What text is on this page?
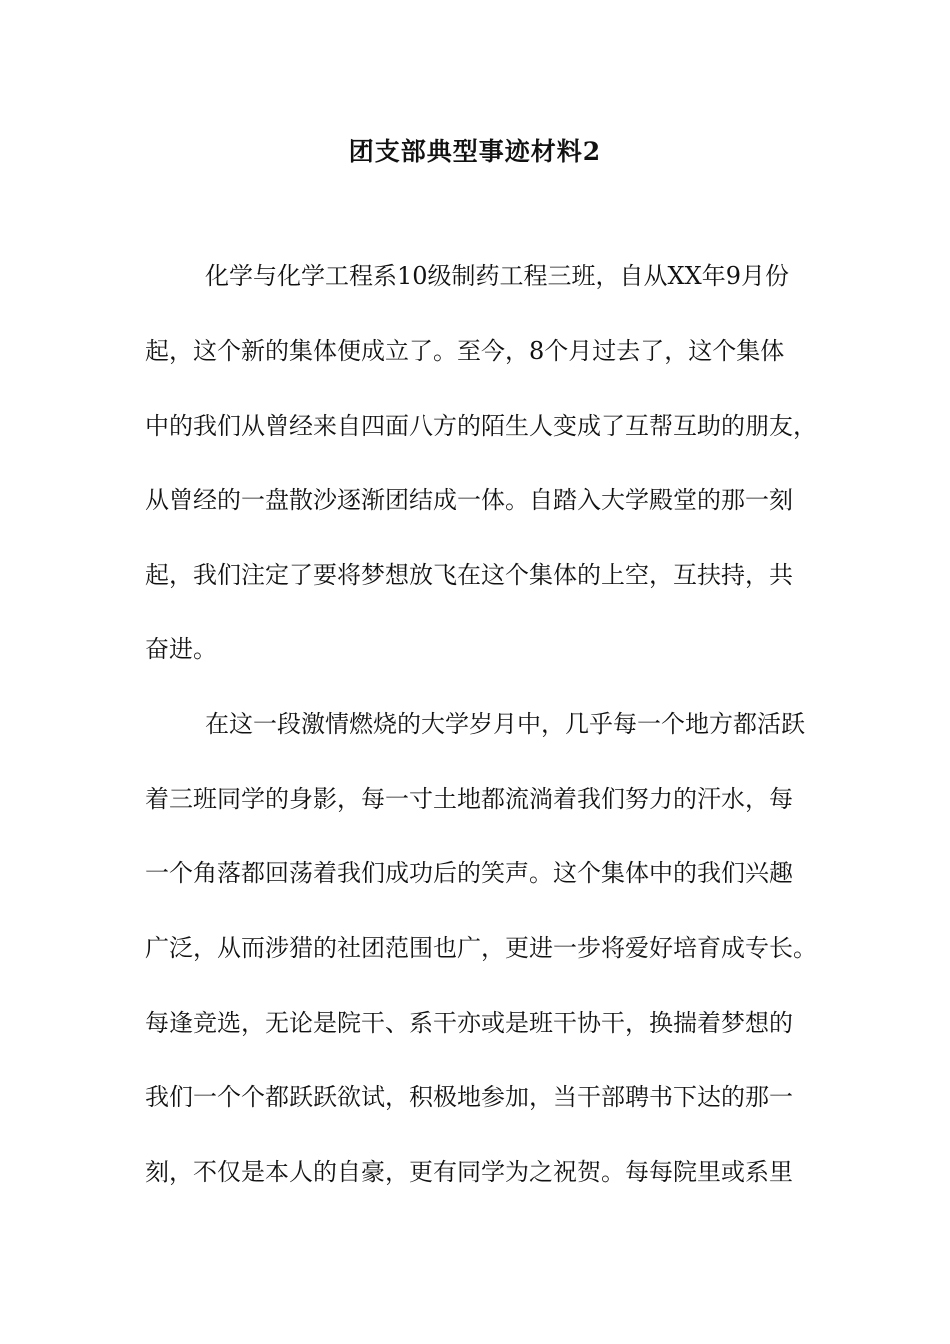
团支部典型事迹材料2
化学与化学工程系10级制药工程三班，自从XX年9月份
起，这个新的集体便成立了。至今，8个月过去了，这个集体
中的我们从曾经来自四面八方的陌生人变成了互帮互助的朋友，
从曾经的一盘散沙逐渐团结成一体。自踏入大学殿堂的那一刻
起，我们注定了要将梦想放飞在这个集体的上空，互扶持，共
奋进。
在这一段激情燃烧的大学岁月中，几乎每一个地方都活跃
着三班同学的身影，每一寸土地都流淌着我们努力的汗水，每
一个角落都回荡着我们成功后的笑声。这个集体中的我们兴趣
广泛，从而涉猎的社团范围也广，更进一步将爱好培育成专长。
每逢竞选，无论是院干、系干亦或是班干协干，换揣着梦想的
我们一个个都跃跃欲试，积极地参加，当干部聘书下达的那一
刻，不仅是本人的自豪，更有同学为之祝贺。每每院里或系里
